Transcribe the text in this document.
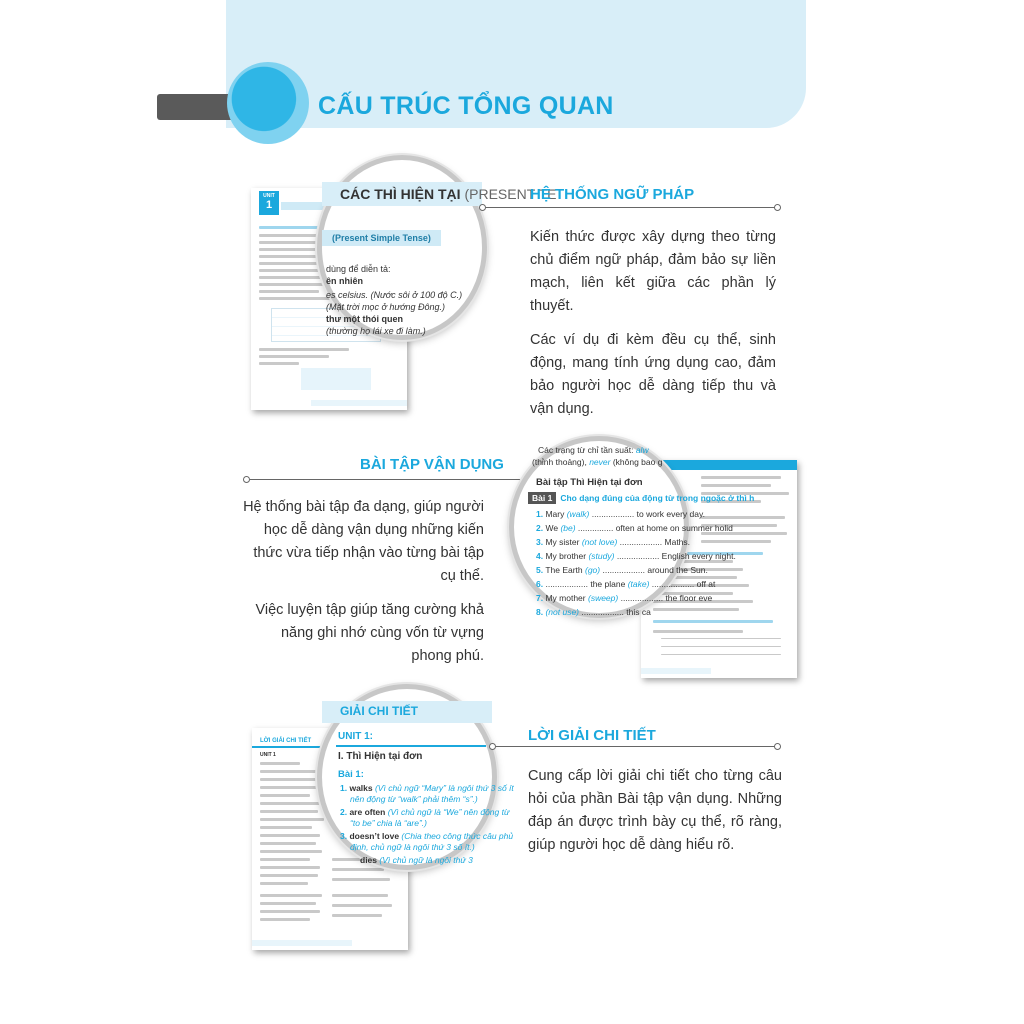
CẤU TRÚC TỔNG QUAN
UNIT
1
CÁC THÌ HIỆN TẠI (PRESENT TE
(Present Simple Tense)
dùng để diễn tả:
ên nhiên
es celsius. (Nước sôi ở 100 độ C.)
(Mặt trời mọc ở hướng Đông.)
thư một thói quen
(thường họ lái xe đi làm.)
HỆ THỐNG NGỮ PHÁP

Kiến thức được xây dựng theo từng chủ điểm ngữ pháp, đảm bảo sự liền mạch, liên kết giữa các phần lý thuyết.

Các ví dụ đi kèm đều cụ thể, sinh động, mang tính ứng dụng cao, đảm bảo người học dễ dàng tiếp thu và vận dụng.

BÀI TẬP VẬN DỤNG

Hệ thống bài tập đa dạng, giúp người học dễ dàng vận dụng những kiến thức vừa tiếp nhận vào từng bài tập cụ thể.

Việc luyện tập giúp tăng cường khả năng ghi nhớ cùng vốn từ vựng phong phú.

Các trạng từ chỉ tần suất: alw
(thỉnh thoảng), never (không bao g
Bài tập Thì Hiện tại đơn
Bài 1 Cho dạng đúng của động từ trong ngoặc ở thì h
1. Mary (walk) .................. to work every day.
2. We (be) ............... often at home on summer holid
3. My sister (not love) .................. Maths.
4. My brother (study) .................. English every night.
5. The Earth (go) .................. around the Sun.
6. .................. the plane (take) .................. off at
7. My mother (sweep) .................. the floor eve
8. (not use) .................. this ca
LỜI GIẢI CHI TIẾT
UNIT 1
GIẢI CHI TIẾT
UNIT 1:
I. Thì Hiện tại đơn
Bài 1:
1. walks (Vì chủ ngữ “Mary” là ngôi thứ 3 số ít
nên động từ “walk” phải thêm “s”.)
2. are often (Vì chủ ngữ là “We” nên động từ
“to be” chia là “are”.)
3. doesn’t love (Chia theo công thức câu phủ
định, chủ ngữ là ngôi thứ 3 số ít.)
dies (Vì chủ ngữ là ngôi thứ 3
LỜI GIẢI CHI TIẾT

Cung cấp lời giải chi tiết cho từng câu hỏi của phần Bài tập vận dụng. Những đáp án được trình bày cụ thể, rõ ràng, giúp người học dễ dàng hiểu rõ.
